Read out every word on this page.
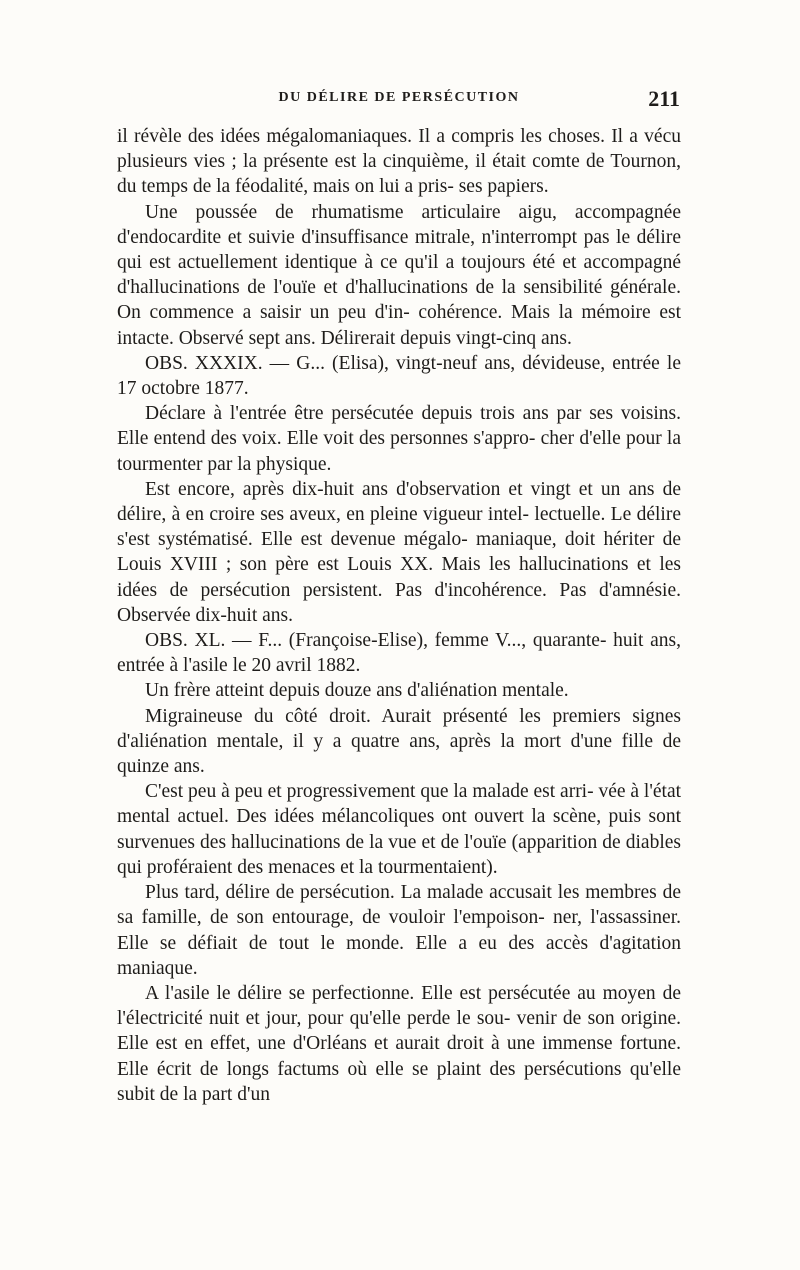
DU DÉLIRE DE PERSÉCUTION	211

il révèle des idées mégalomaniaques. Il a compris les choses. Il a vécu plusieurs vies ; la présente est la cinquième, il était comte de Tournon, du temps de la féodalité, mais on lui a pris- ses papiers.

Une poussée de rhumatisme articulaire aigu, accompagnée d'endocardite et suivie d'insuffisance mitrale, n'interrompt pas le délire qui est actuellement identique à ce qu'il a toujours été et accompagné d'hallucinations de l'ouïe et d'hallucinations de la sensibilité générale. On commence a saisir un peu d'in- cohérence. Mais la mémoire est intacte. Observé sept ans. Délirerait depuis vingt-cinq ans.

OBS. XXXIX. — G... (Elisa), vingt-neuf ans, dévideuse, entrée le 17 octobre 1877.

Déclare à l'entrée être persécutée depuis trois ans par ses voisins. Elle entend des voix. Elle voit des personnes s'appro- cher d'elle pour la tourmenter par la physique.

Est encore, après dix-huit ans d'observation et vingt et un ans de délire, à en croire ses aveux, en pleine vigueur intel- lectuelle. Le délire s'est systématisé. Elle est devenue mégalo- maniaque, doit hériter de Louis XVIII ; son père est Louis XX. Mais les hallucinations et les idées de persécution persistent. Pas d'incohérence. Pas d'amnésie. Observée dix-huit ans.

OBS. XL. — F... (Françoise-Elise), femme V..., quarante- huit ans, entrée à l'asile le 20 avril 1882.

Un frère atteint depuis douze ans d'aliénation mentale.

Migraineuse du côté droit. Aurait présenté les premiers signes d'aliénation mentale, il y a quatre ans, après la mort d'une fille de quinze ans.

C'est peu à peu et progressivement que la malade est arri- vée à l'état mental actuel. Des idées mélancoliques ont ouvert la scène, puis sont survenues des hallucinations de la vue et de l'ouïe (apparition de diables qui proféraient des menaces et la tourmentaient).

Plus tard, délire de persécution. La malade accusait les membres de sa famille, de son entourage, de vouloir l'empoison- ner, l'assassiner. Elle se défiait de tout le monde. Elle a eu des accès d'agitation maniaque.

A l'asile le délire se perfectionne. Elle est persécutée au moyen de l'électricité nuit et jour, pour qu'elle perde le sou- venir de son origine. Elle est en effet, une d'Orléans et aurait droit à une immense fortune. Elle écrit de longs factums où elle se plaint des persécutions qu'elle subit de la part d'un
